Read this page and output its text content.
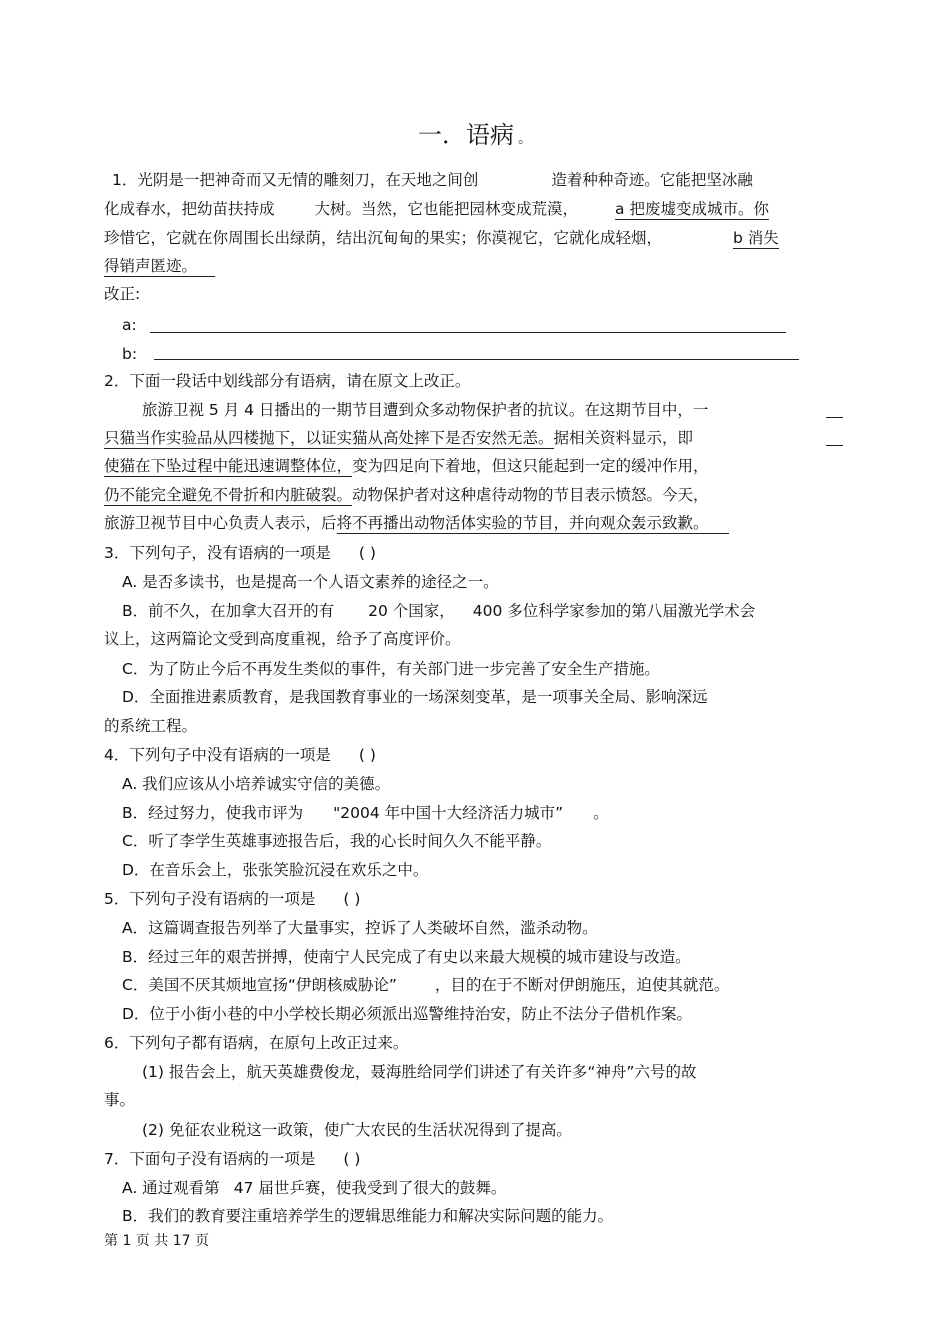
一．语病 。
1．光阴是一把神奇而又无情的雕刻刀，在天地之间创	造着种种奇迹。它能把坚冰融
化成春水，把幼苗扶持成	大树。当然，它也能把园林变成荒漠， a 把废墟变成城市。你
珍惜它，它就在你周围长出绿荫，结出沉甸甸的果实；你漠视它，它就化成轻烟，	b 消失
得销声匿迹。
改正:
a:
b:
2．下面一段话中划线部分有语病，请在原文上改正。
旅游卫视 5 月 4 日播出的一期节目遭到众多动物保护者的抗议。在这期节目中，一
只猫当作实验品从四楼抛下，以证实猫从高处摔下是否安然无恙。据相关资料显示，即
使猫在下坠过程中能迅速调整体位，变为四足向下着地，但这只能起到一定的缓冲作用，
仍不能完全避免不骨折和内脏破裂。动物保护者对这种虐待动物的节目表示愤怒。今天，
旅游卫视节目中心负责人表示，后将不再播出动物活体实验的节目，并向观众轰示致歉。
3．下列句子，没有语病的一项是 ( )
A. 是否多读书，也是提高一个人语文素养的途径之一。
B．前不久，在加拿大召开的有 20 个国家， 400 多位科学家参加的第八届激光学术会
议上，这两篇论文受到高度重视，给予了高度评价。
C．为了防止今后不再发生类似的事件，有关部门进一步完善了安全生产措施。
D．全面推进素质教育，是我国教育事业的一场深刻变革，是一项事关全局、影响深远
的系统工程。
4．下列句子中没有语病的一项是 ( )
A. 我们应该从小培养诚实守信的美德。
B．经过努力，使我市评为 "2004 年中国十大经济活力城市” 。
C．听了李学生英雄事迹报告后，我的心长时间久久不能平静。
D．在音乐会上，张张笑脸沉浸在欢乐之中。
5．下列句子没有语病的一项是 ( )
A．这篇调查报告列举了大量事实，控诉了人类破坏自然，滥杀动物。
B．经过三年的艰苦拼搏，使南宁人民完成了有史以来最大规模的城市建设与改造。
C．美国不厌其烦地宣扬“伊朗核威胁论” ，目的在于不断对伊朗施压，迫使其就范。
D．位于小街小巷的中小学校长期必须派出巡警维持治安，防止不法分子借机作案。
6．下列句子都有语病，在原句上改正过来。
(1) 报告会上，航天英雄费俊龙，聂海胜给同学们讲述了有关许多“神舟”六号的故
事。
(2) 免征农业税这一政策，使广大农民的生活状况得到了提高。
7．下面句子没有语病的一项是 ( )
A. 通过观看第 47 届世乒赛，使我受到了很大的鼓舞。
B．我们的教育要注重培养学生的逻辑思维能力和解决实际问题的能力。
第 1 页 共 17 页
